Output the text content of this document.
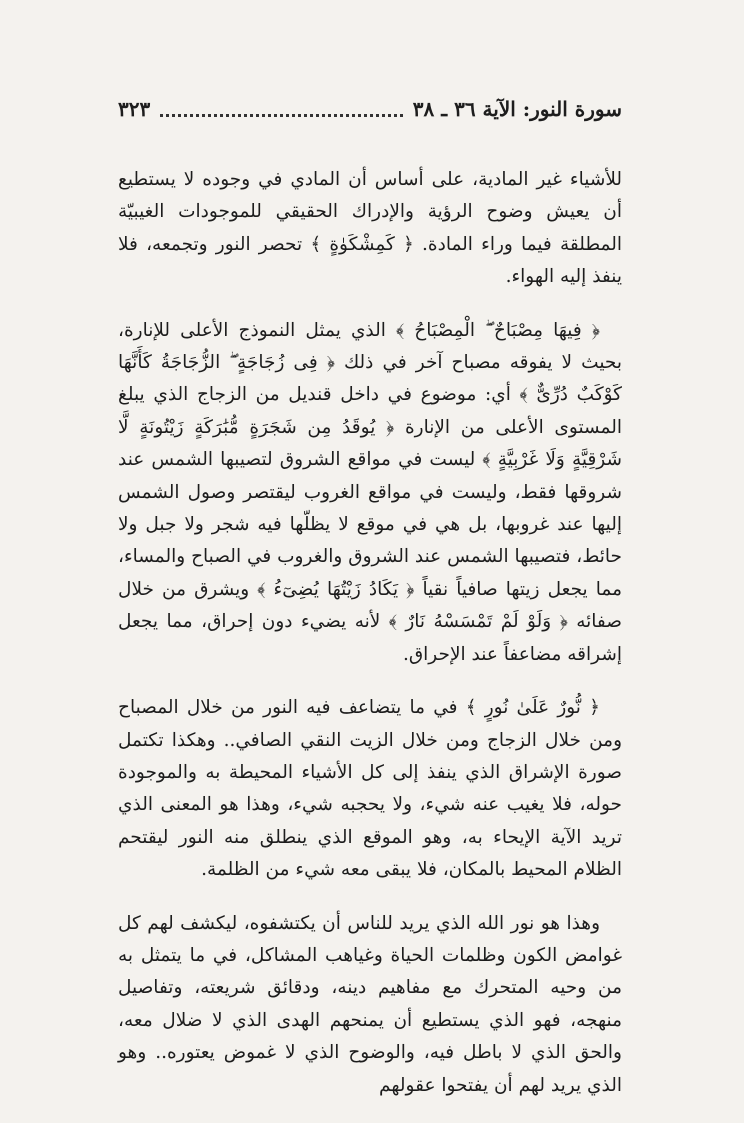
سورة النور: الآية ٣٦ ـ ٣٨
٣٢٣

للأشياء غير المادية، على أساس أن المادي في وجوده لا يستطيع أن يعيش وضوح الرؤية والإدراك الحقيقي للموجودات الغيبيّة المطلقة فيما وراء المادة. ﴿ كَمِشْكَوٰةٍ ﴾ تحصر النور وتجمعه، فلا ينفذ إليه الهواء.

﴿ فِيهَا مِصْبَاحٌ ۖ الْمِصْبَاحُ ﴾ الذي يمثل النموذج الأعلى للإنارة، بحيث لا يفوقه مصباح آخر في ذلك ﴿ فِى زُجَاجَةٍ ۖ الزُّجَاجَةُ كَأَنَّهَا كَوْكَبٌ دُرِّىٌّ ﴾ أي: موضوع في داخل قنديل من الزجاج الذي يبلغ المستوى الأعلى من الإنارة ﴿ يُوقَدُ مِن شَجَرَةٍ مُّبَٰرَكَةٍ زَيْتُونَةٍ لَّا شَرْقِيَّةٍ وَلَا غَرْبِيَّةٍ ﴾ ليست في مواقع الشروق لتصيبها الشمس عند شروقها فقط، وليست في مواقع الغروب ليقتصر وصول الشمس إليها عند غروبها، بل هي في موقع لا يظلّها فيه شجر ولا جبل ولا حائط، فتصيبها الشمس عند الشروق والغروب في الصباح والمساء، مما يجعل زيتها صافياً نقياً ﴿ يَكَادُ زَيْتُهَا يُضِىٓءُ ﴾ ويشرق من خلال صفائه ﴿ وَلَوْ لَمْ تَمْسَسْهُ نَارٌ ﴾ لأنه يضيء دون إحراق، مما يجعل إشراقه مضاعفاً عند الإحراق.

﴿ نُّورٌ عَلَىٰ نُورٍ ﴾ في ما يتضاعف فيه النور من خلال المصباح ومن خلال الزجاج ومن خلال الزيت النقي الصافي.. وهكذا تكتمل صورة الإشراق الذي ينفذ إلى كل الأشياء المحيطة به والموجودة حوله، فلا يغيب عنه شيء، ولا يحجبه شيء، وهذا هو المعنى الذي تريد الآية الإيحاء به، وهو الموقع الذي ينطلق منه النور ليقتحم الظلام المحيط بالمكان، فلا يبقى معه شيء من الظلمة.

وهذا هو نور الله الذي يريد للناس أن يكتشفوه، ليكشف لهم كل غوامض الكون وظلمات الحياة وغياهب المشاكل، في ما يتمثل به من وحيه المتحرك مع مفاهيم دينه، ودقائق شريعته، وتفاصيل منهجه، فهو الذي يستطيع أن يمنحهم الهدى الذي لا ضلال معه، والحق الذي لا باطل فيه، والوضوح الذي لا غموض يعتوره.. وهو الذي يريد لهم أن يفتحوا عقولهم
